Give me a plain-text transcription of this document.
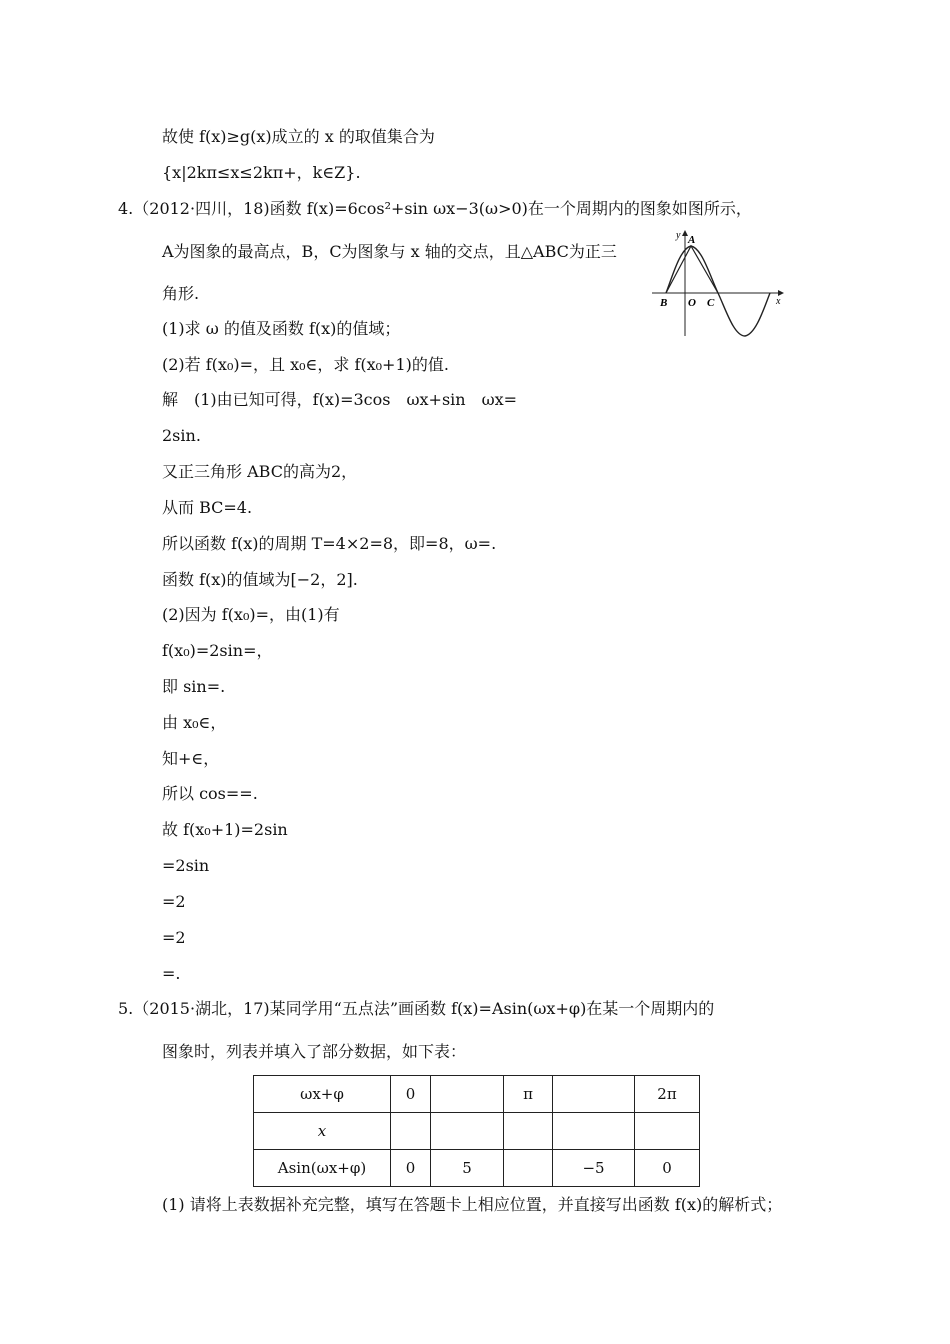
故使 f(x)≥g(x)成立的 x 的取值集合为
{x|2kπ≤x≤2kπ+，k∈Z}.
4.（2012·四川，18)函数 f(x)=6cos²+sin ωx−3(ω>0)在一个周期内的图象如图所示，
A为图象的最高点，B，C为图象与 x 轴的交点，且△ABC为正三
角形.
(1)求 ω 的值及函数 f(x)的值域；
(2)若 f(x₀)=，且 x₀∈，求 f(x₀+1)的值.
解　(1)由已知可得，f(x)=3cos　ωx+sin　ωx=
2sin.
又正三角形 ABC的高为2，
从而 BC=4.
所以函数 f(x)的周期 T=4×2=8，即=8，ω=.
函数 f(x)的值域为[−2，2].
(2)因为 f(x₀)=，由(1)有
f(x₀)=2sin=，
即 sin=.
由 x₀∈，
知+∈，
所以 cos==.
故 f(x₀+1)=2sin
=2sin
=2
=2
=.
5.（2015·湖北，17)某同学用“五点法”画函数 f(x)=Asin(ωx+φ)在某一个周期内的
图象时，列表并填入了部分数据，如下表：
ωx+φ	0		π		2π
x					
Asin(ωx+φ)	0	5		−5	0
(1) 请将上表数据补充完整，填写在答题卡上相应位置，并直接写出函数 f(x)的解析式；
y A
B O C	x
